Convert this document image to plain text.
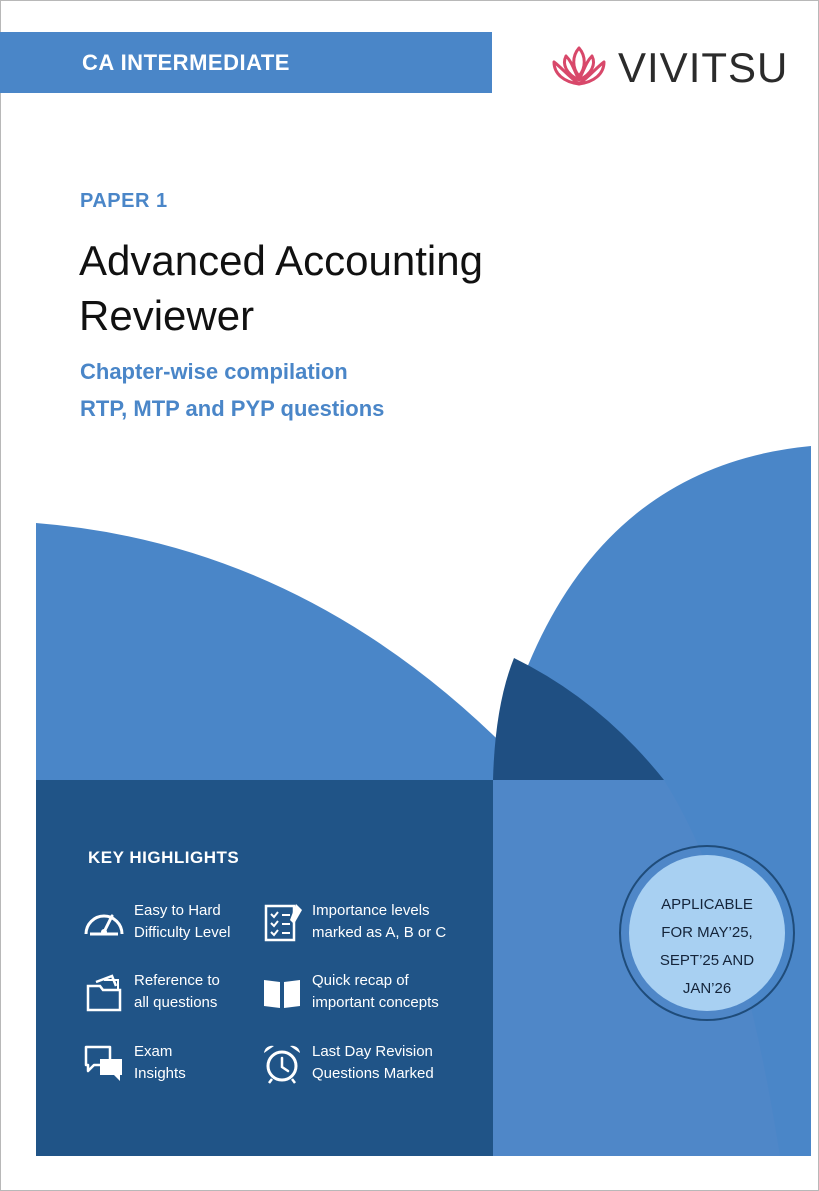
CA INTERMEDIATE	VIVITSU
PAPER 1
Advanced Accounting
Reviewer
Chapter-wise compilation
RTP, MTP and PYP questions
KEY HIGHLIGHTS
Easy to Hard
Difficulty Level
Importance levels
marked as A, B or C
Reference to
all questions
Quick recap of
important concepts
Exam
Insights
Last Day Revision
Questions Marked
APPLICABLE
FOR MAY’25,
SEPT’25 AND
JAN’26
